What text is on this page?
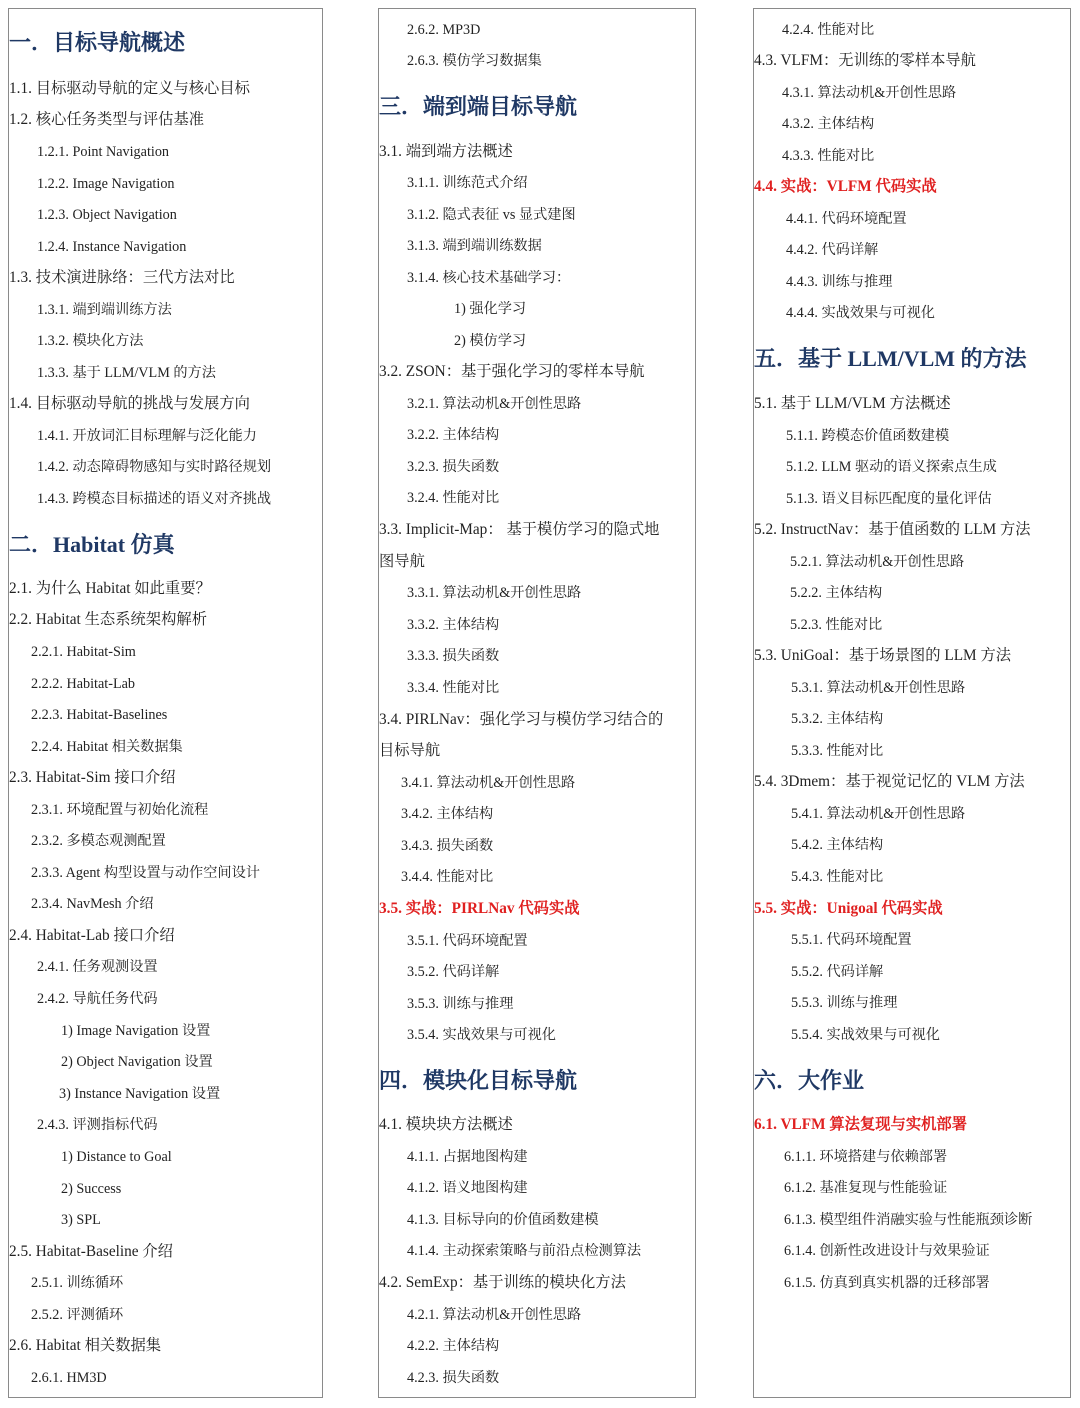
一．目标导航概述
1.1. 目标驱动导航的定义与核心目标
1.2. 核心任务类型与评估基准
1.2.1. Point Navigation
1.2.2. Image Navigation
1.2.3. Object Navigation
1.2.4. Instance Navigation
1.3. 技术演进脉络：三代方法对比
1.3.1. 端到端训练方法
1.3.2. 模块化方法
1.3.3. 基于 LLM/VLM 的方法
1.4. 目标驱动导航的挑战与发展方向
1.4.1. 开放词汇目标理解与泛化能力
1.4.2. 动态障碍物感知与实时路径规划
1.4.3. 跨模态目标描述的语义对齐挑战
二．Habitat 仿真
2.1. 为什么 Habitat 如此重要？
2.2. Habitat 生态系统架构解析
2.2.1. Habitat-Sim
2.2.2. Habitat-Lab
2.2.3. Habitat-Baselines
2.2.4. Habitat 相关数据集
2.3. Habitat-Sim 接口介绍
2.3.1. 环境配置与初始化流程
2.3.2. 多模态观测配置
2.3.3. Agent 构型设置与动作空间设计
2.3.4. NavMesh 介绍
2.4. Habitat-Lab 接口介绍
2.4.1. 任务观测设置
2.4.2. 导航任务代码
1) Image Navigation 设置
2) Object Navigation 设置
3) Instance Navigation 设置
2.4.3. 评测指标代码
1) Distance to Goal
2) Success
3) SPL
2.5. Habitat-Baseline 介绍
2.5.1. 训练循环
2.5.2. 评测循环
2.6. Habitat 相关数据集
2.6.1. HM3D
2.6.2. MP3D
2.6.3. 模仿学习数据集
三．端到端目标导航
3.1. 端到端方法概述
3.1.1. 训练范式介绍
3.1.2. 隐式表征 vs 显式建图
3.1.3. 端到端训练数据
3.1.4. 核心技术基础学习：
1) 强化学习
2) 模仿学习
3.2. ZSON：基于强化学习的零样本导航
3.2.1. 算法动机&开创性思路
3.2.2. 主体结构
3.2.3. 损失函数
3.2.4. 性能对比
3.3. Implicit-Map： 基于模仿学习的隐式地
图导航
3.3.1. 算法动机&开创性思路
3.3.2. 主体结构
3.3.3. 损失函数
3.3.4. 性能对比
3.4. PIRLNav：强化学习与模仿学习结合的
目标导航
3.4.1. 算法动机&开创性思路
3.4.2. 主体结构
3.4.3. 损失函数
3.4.4. 性能对比
3.5. 实战：PIRLNav 代码实战
3.5.1. 代码环境配置
3.5.2. 代码详解
3.5.3. 训练与推理
3.5.4. 实战效果与可视化
四．模块化目标导航
4.1. 模块块方法概述
4.1.1. 占据地图构建
4.1.2. 语义地图构建
4.1.3. 目标导向的价值函数建模
4.1.4. 主动探索策略与前沿点检测算法
4.2. SemExp：基于训练的模块化方法
4.2.1. 算法动机&开创性思路
4.2.2. 主体结构
4.2.3. 损失函数
4.2.4. 性能对比
4.3. VLFM：无训练的零样本导航
4.3.1. 算法动机&开创性思路
4.3.2. 主体结构
4.3.3. 性能对比
4.4. 实战：VLFM 代码实战
4.4.1. 代码环境配置
4.4.2. 代码详解
4.4.3. 训练与推理
4.4.4. 实战效果与可视化
五．基于 LLM/VLM 的方法
5.1. 基于 LLM/VLM 方法概述
5.1.1. 跨模态价值函数建模
5.1.2. LLM 驱动的语义探索点生成
5.1.3. 语义目标匹配度的量化评估
5.2. InstructNav：基于值函数的 LLM 方法
5.2.1. 算法动机&开创性思路
5.2.2. 主体结构
5.2.3. 性能对比
5.3. UniGoal：基于场景图的 LLM 方法
5.3.1. 算法动机&开创性思路
5.3.2. 主体结构
5.3.3. 性能对比
5.4. 3Dmem：基于视觉记忆的 VLM 方法
5.4.1. 算法动机&开创性思路
5.4.2. 主体结构
5.4.3. 性能对比
5.5. 实战：Unigoal 代码实战
5.5.1. 代码环境配置
5.5.2. 代码详解
5.5.3. 训练与推理
5.5.4. 实战效果与可视化
六．大作业
6.1. VLFM 算法复现与实机部署
6.1.1. 环境搭建与依赖部署
6.1.2. 基准复现与性能验证
6.1.3. 模型组件消融实验与性能瓶颈诊断
6.1.4. 创新性改进设计与效果验证
6.1.5. 仿真到真实机器的迁移部署
